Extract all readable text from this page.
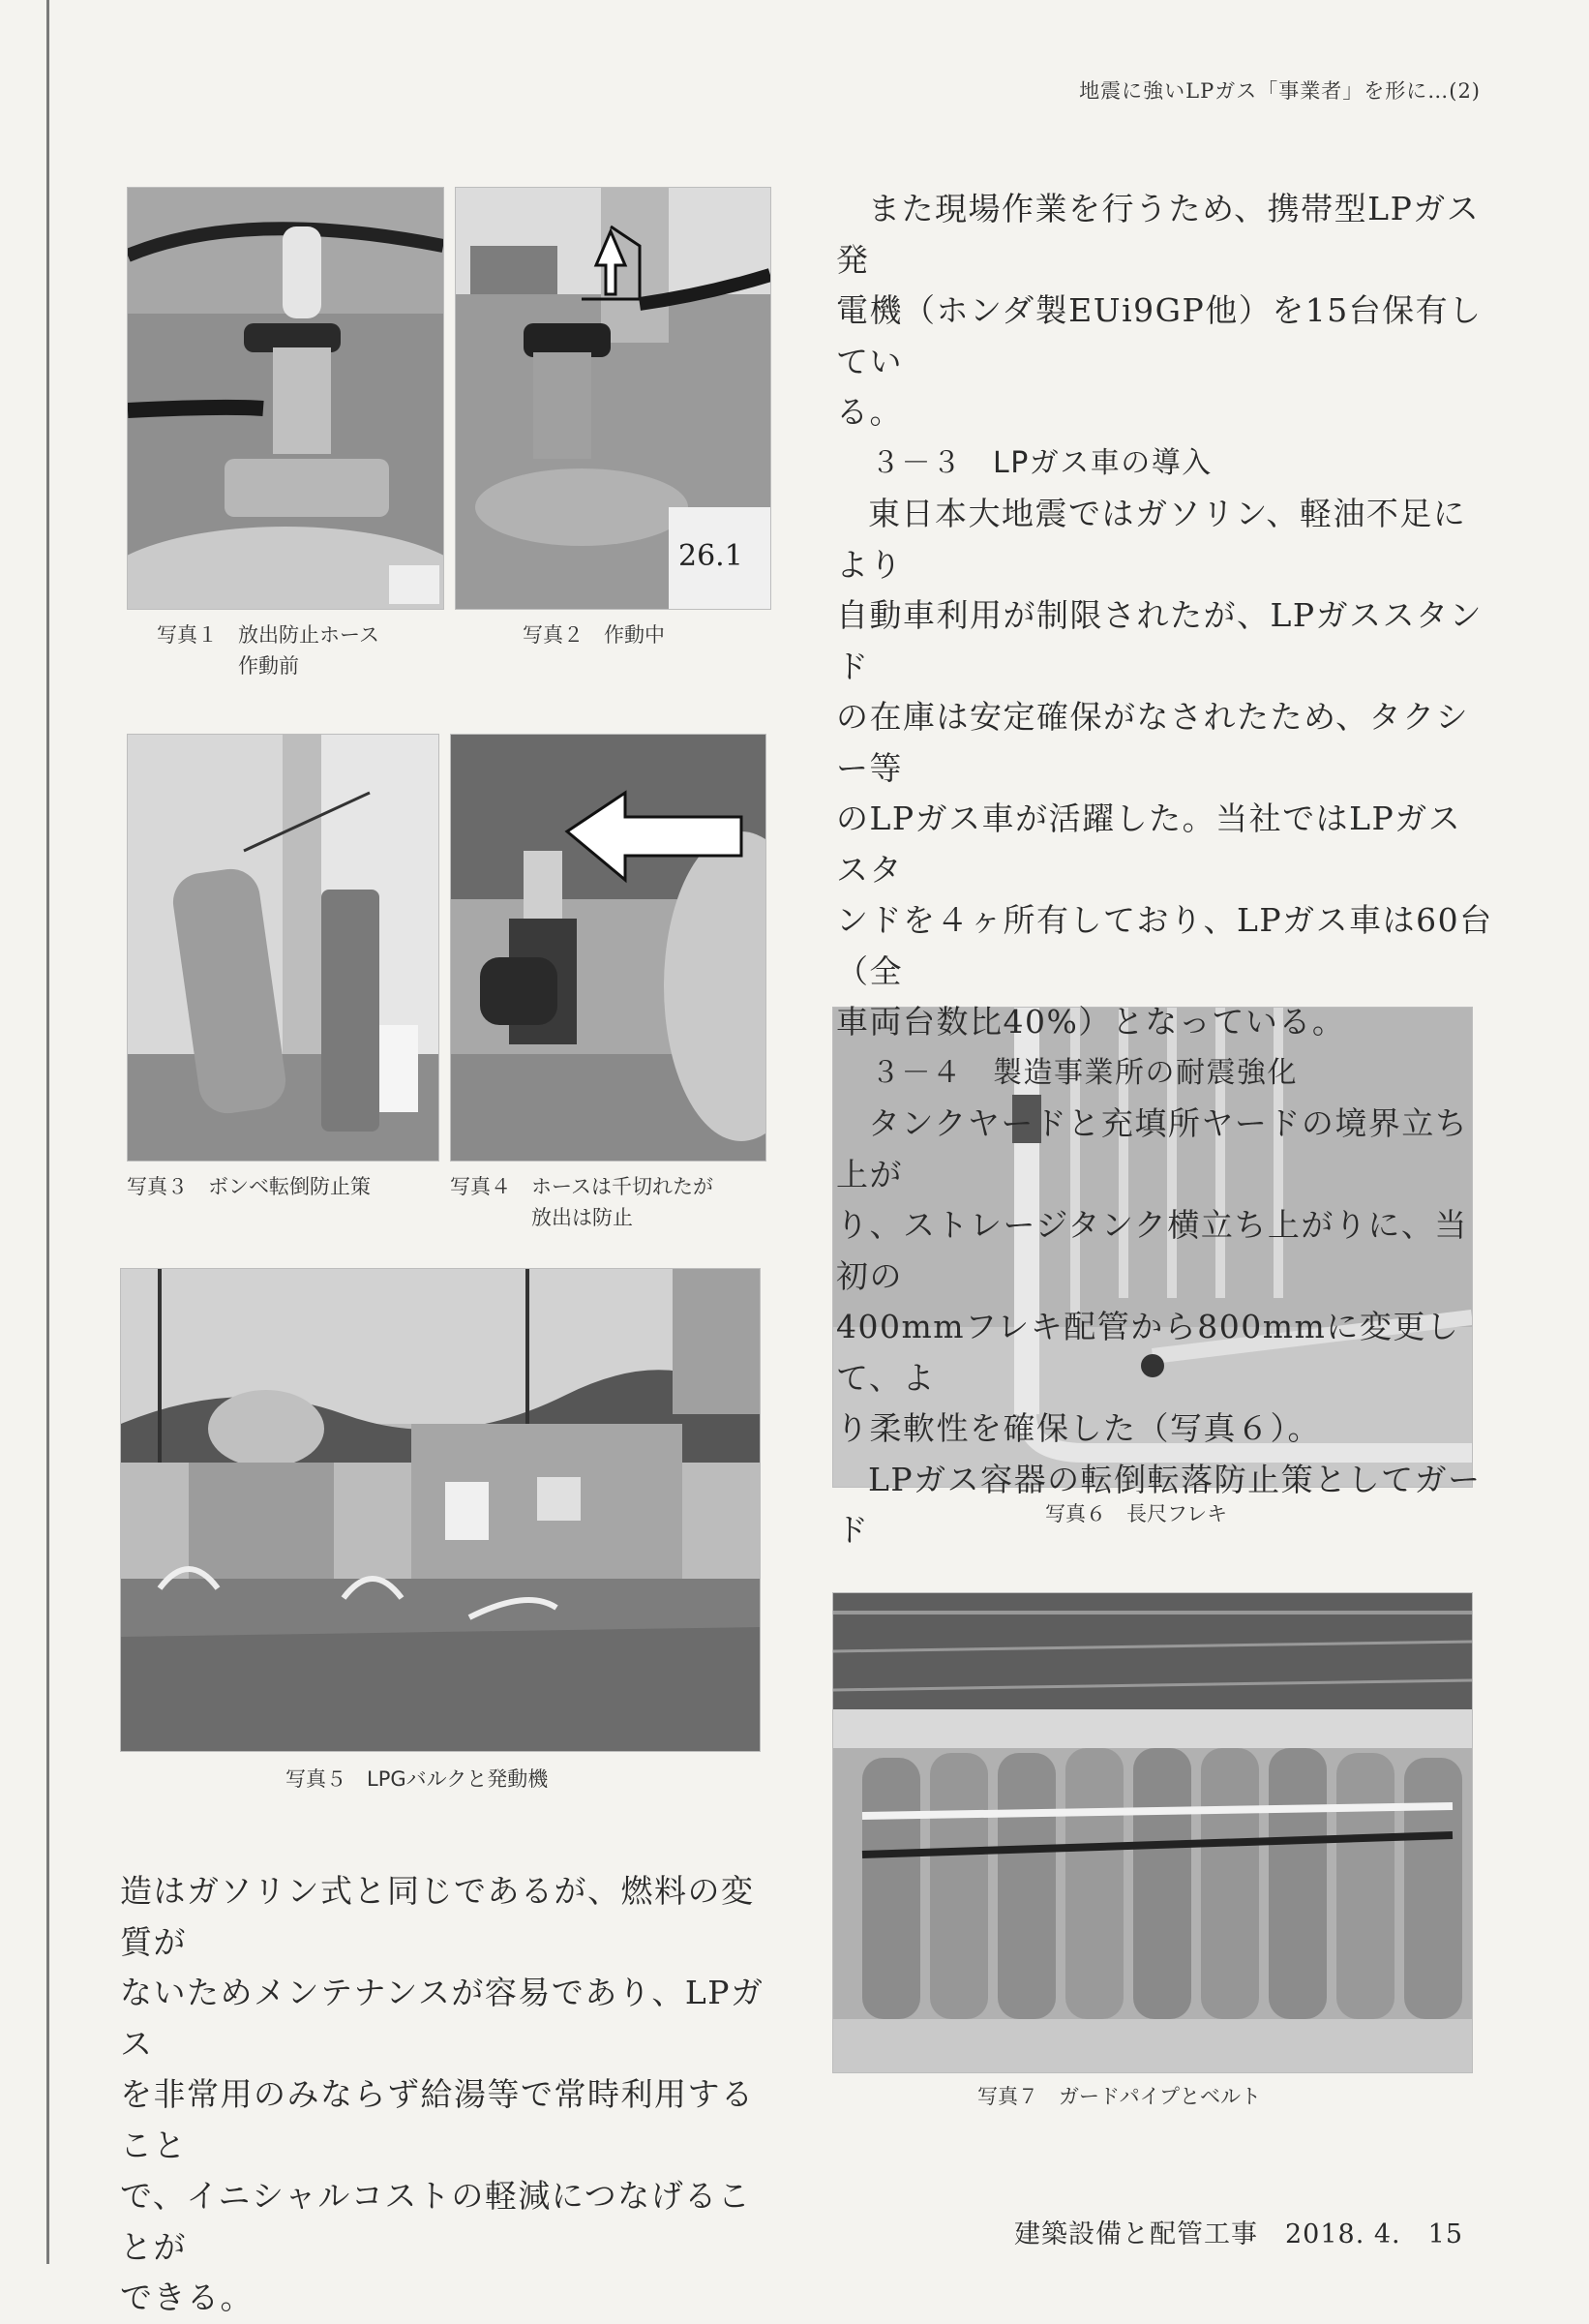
地震に強いLPガス「事業者」を形に…(2)
写真１　放出防止ホース
　　　　作動前
26.1
写真２　作動中
写真３　ボンベ転倒防止策	写真４　ホースは千切れたが
　　　　放出は防止
写真５　LPGバルクと発動機
写真６　長尺フレキ
写真７　ガードパイプとベルト

また現場作業を行うため、携帯型LPガス発

電機（ホンダ製EUi9GP他）を15台保有してい

る。

３－３　LPガス車の導入

東日本大地震ではガソリン、軽油不足により

自動車利用が制限されたが、LPガススタンド

の在庫は安定確保がなされたため、タクシー等

のLPガス車が活躍した。当社ではLPガススタ

ンドを４ヶ所有しており、LPガス車は60台（全

車両台数比40%）となっている。

３－４　製造事業所の耐震強化

タンクヤードと充填所ヤードの境界立ち上が

り、ストレージタンク横立ち上がりに、当初の

400mmフレキ配管から800mmに変更して、よ

り柔軟性を確保した（写真６）。

LPガス容器の転倒転落防止策としてガード

造はガソリン式と同じであるが、燃料の変質が

ないためメンテナンスが容易であり、LPガス

を非常用のみならず給湯等で常時利用すること

で、イニシャルコストの軽減につなげることが

できる。

建築設備と配管工事　2018. 4.　15
